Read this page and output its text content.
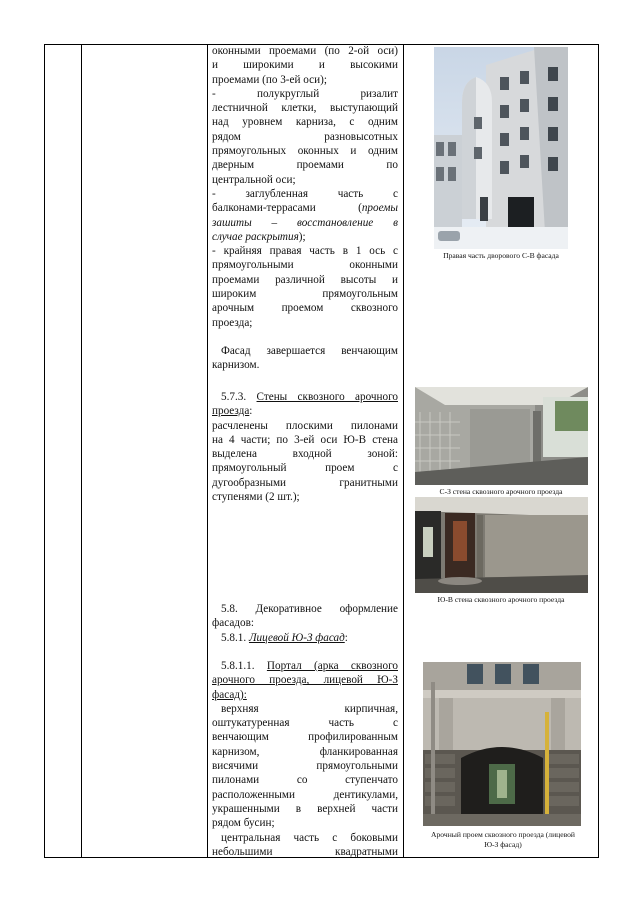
оконными проемами (по 2-ой оси)

и широкими и высокими

проемами (по 3-ей оси);

- полукруглый ризалит

лестничной клетки, выступающий

над уровнем карниза, с одним

рядом разновысотных

прямоугольных оконных и одним

дверным проемами по

центральной оси;

- заглубленная часть с

балконами-террасами (проемы

зашиты – восстановление в

случае раскрытия);

- крайняя правая часть в 1 ось с

прямоугольными оконными

проемами различной высоты и

широким прямоугольным

арочным проемом сквозного

проезда;

Фасад завершается венчающим

карнизом.

5.7.3. Стены сквозного арочного

проезда:

расчленены плоскими пилонами

на 4 части; по 3-ей оси Ю-В стена

выделена входной зоной:

прямоугольный проем с

дугообразными гранитными

ступенями (2 шт.);

5.8. Декоративное оформление

фасадов:

5.8.1. Лицевой Ю-З фасад:

5.8.1.1. Портал (арка сквозного

арочного проезда, лицевой Ю-З

фасад):

верхняя кирпичная,

оштукатуренная часть с

венчающим профилированным

карнизом, фланкированная

висячими прямоугольными

пилонами со ступенчато

расположенными дентикулами,

украшенными в верхней части

рядом бусин;

центральная часть с боковыми

небольшими квадратными

Правая часть дворового С-В фасада
С-З стена сквозного арочного проезда
Ю-В стена сквозного арочного проезда
Арочный проем сквозного проезда (лицевой
Ю-З фасад)
